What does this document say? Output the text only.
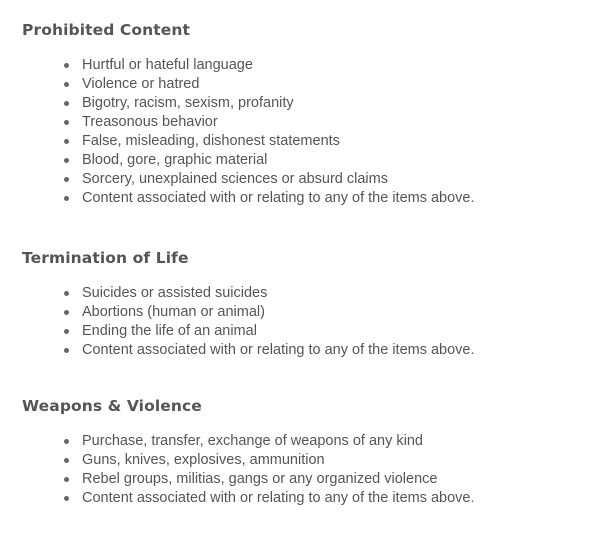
Prohibited Content
Hurtful or hateful language
Violence or hatred
Bigotry, racism, sexism, profanity
Treasonous behavior
False, misleading, dishonest statements
Blood, gore, graphic material
Sorcery, unexplained sciences or absurd claims
Content associated with or relating to any of the items above.
Termination of Life
Suicides or assisted suicides
Abortions (human or animal)
Ending the life of an animal
Content associated with or relating to any of the items above.
Weapons & Violence
Purchase, transfer, exchange of weapons of any kind
Guns, knives, explosives, ammunition
Rebel groups, militias, gangs or any organized violence
Content associated with or relating to any of the items above.
